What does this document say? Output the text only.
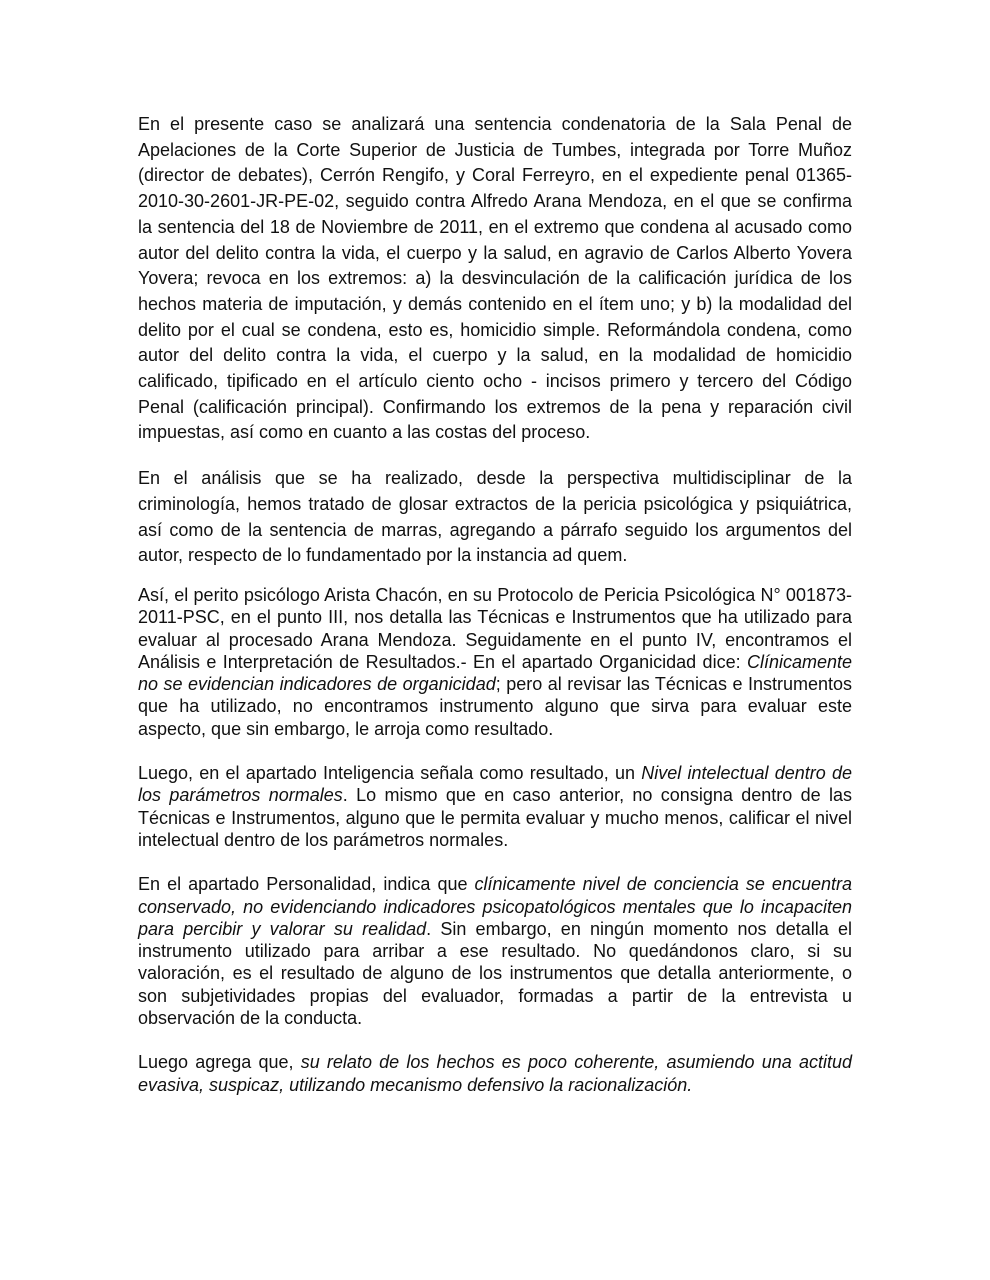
En el presente caso se analizará una sentencia condenatoria de la Sala Penal de Apelaciones de la Corte Superior de Justicia de Tumbes, integrada por Torre Muñoz (director de debates), Cerrón Rengifo, y Coral Ferreyro, en el expediente penal 01365-2010-30-2601-JR-PE-02, seguido contra Alfredo Arana Mendoza, en el que se confirma la sentencia del 18 de Noviembre de 2011, en el extremo que condena al acusado como autor del delito contra la vida, el cuerpo y la salud, en agravio de Carlos Alberto Yovera Yovera; revoca en los extremos: a) la desvinculación de la calificación jurídica de los hechos materia de imputación, y demás contenido en el ítem uno; y b) la modalidad del delito por el cual se condena, esto es, homicidio simple. Reformándola condena, como autor del delito contra la vida, el cuerpo y la salud, en la modalidad de homicidio calificado, tipificado en el artículo ciento ocho - incisos primero y tercero del Código Penal (calificación principal). Confirmando los extremos de la pena y reparación civil impuestas, así como en cuanto a las costas del proceso.

En el análisis que se ha realizado, desde la perspectiva multidisciplinar de la criminología, hemos tratado de glosar extractos de la pericia psicológica y psiquiátrica, así como de la sentencia de marras, agregando a párrafo seguido los argumentos del autor, respecto de lo fundamentado por la instancia ad quem.

Así, el perito psicólogo Arista Chacón, en su Protocolo de Pericia Psicológica N° 001873-2011-PSC, en el punto III, nos detalla las Técnicas e Instrumentos que ha utilizado para evaluar al procesado Arana Mendoza. Seguidamente en el punto IV, encontramos el Análisis e Interpretación de Resultados.- En el apartado Organicidad dice: Clínicamente no se evidencian indicadores de organicidad; pero al revisar las Técnicas e Instrumentos que ha utilizado, no encontramos instrumento alguno que sirva para evaluar este aspecto, que sin embargo, le arroja como resultado.

Luego, en el apartado Inteligencia señala como resultado, un Nivel intelectual dentro de los parámetros normales. Lo mismo que en caso anterior, no consigna dentro de las Técnicas e Instrumentos, alguno que le permita evaluar y mucho menos, calificar el nivel intelectual dentro de los parámetros normales.

En el apartado Personalidad, indica que clínicamente nivel de conciencia se encuentra conservado, no evidenciando indicadores psicopatológicos mentales que lo incapaciten para percibir y valorar su realidad. Sin embargo, en ningún momento nos detalla el instrumento utilizado para arribar a ese resultado. No quedándonos claro, si su valoración, es el resultado de alguno de los instrumentos que detalla anteriormente, o son subjetividades propias del evaluador, formadas a partir de la entrevista u observación de la conducta.

Luego agrega que, su relato de los hechos es poco coherente, asumiendo una actitud evasiva, suspicaz, utilizando mecanismo defensivo la racionalización.
